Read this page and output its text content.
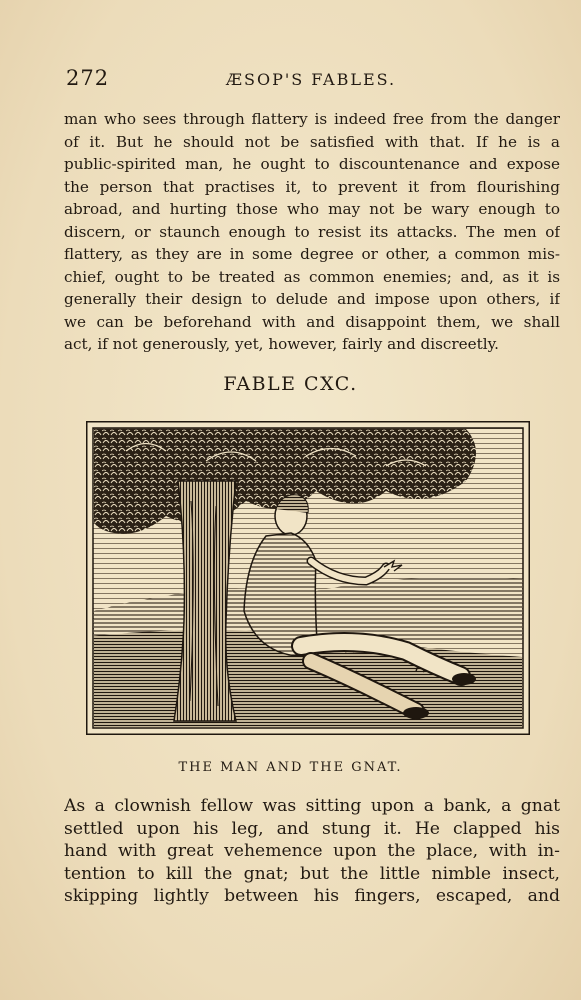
272	ÆSOP'S FABLES.
man who sees through flattery is indeed free from the danger
of it. But he should not be satisfied with that. If he is a
public-spirited man, he ought to discountenance and expose
the person that practises it, to prevent it from flourishing
abroad, and hurting those who may not be wary enough to
discern, or staunch enough to resist its attacks. The men of
flattery, as they are in some degree or other, a common mis-
chief, ought to be treated as common enemies; and, as it is
generally their design to delude and impose upon others, if
we can be beforehand with and disappoint them, we shall
act, if not generously, yet, however, fairly and discreetly.
FABLE CXC.
THE MAN AND THE GNAT.
As a clownish fellow was sitting upon a bank, a gnat
settled upon his leg, and stung it. He clapped his
hand with great vehemence upon the place, with in-
tention to kill the gnat; but the little nimble insect,
skipping lightly between his fingers, escaped, and
